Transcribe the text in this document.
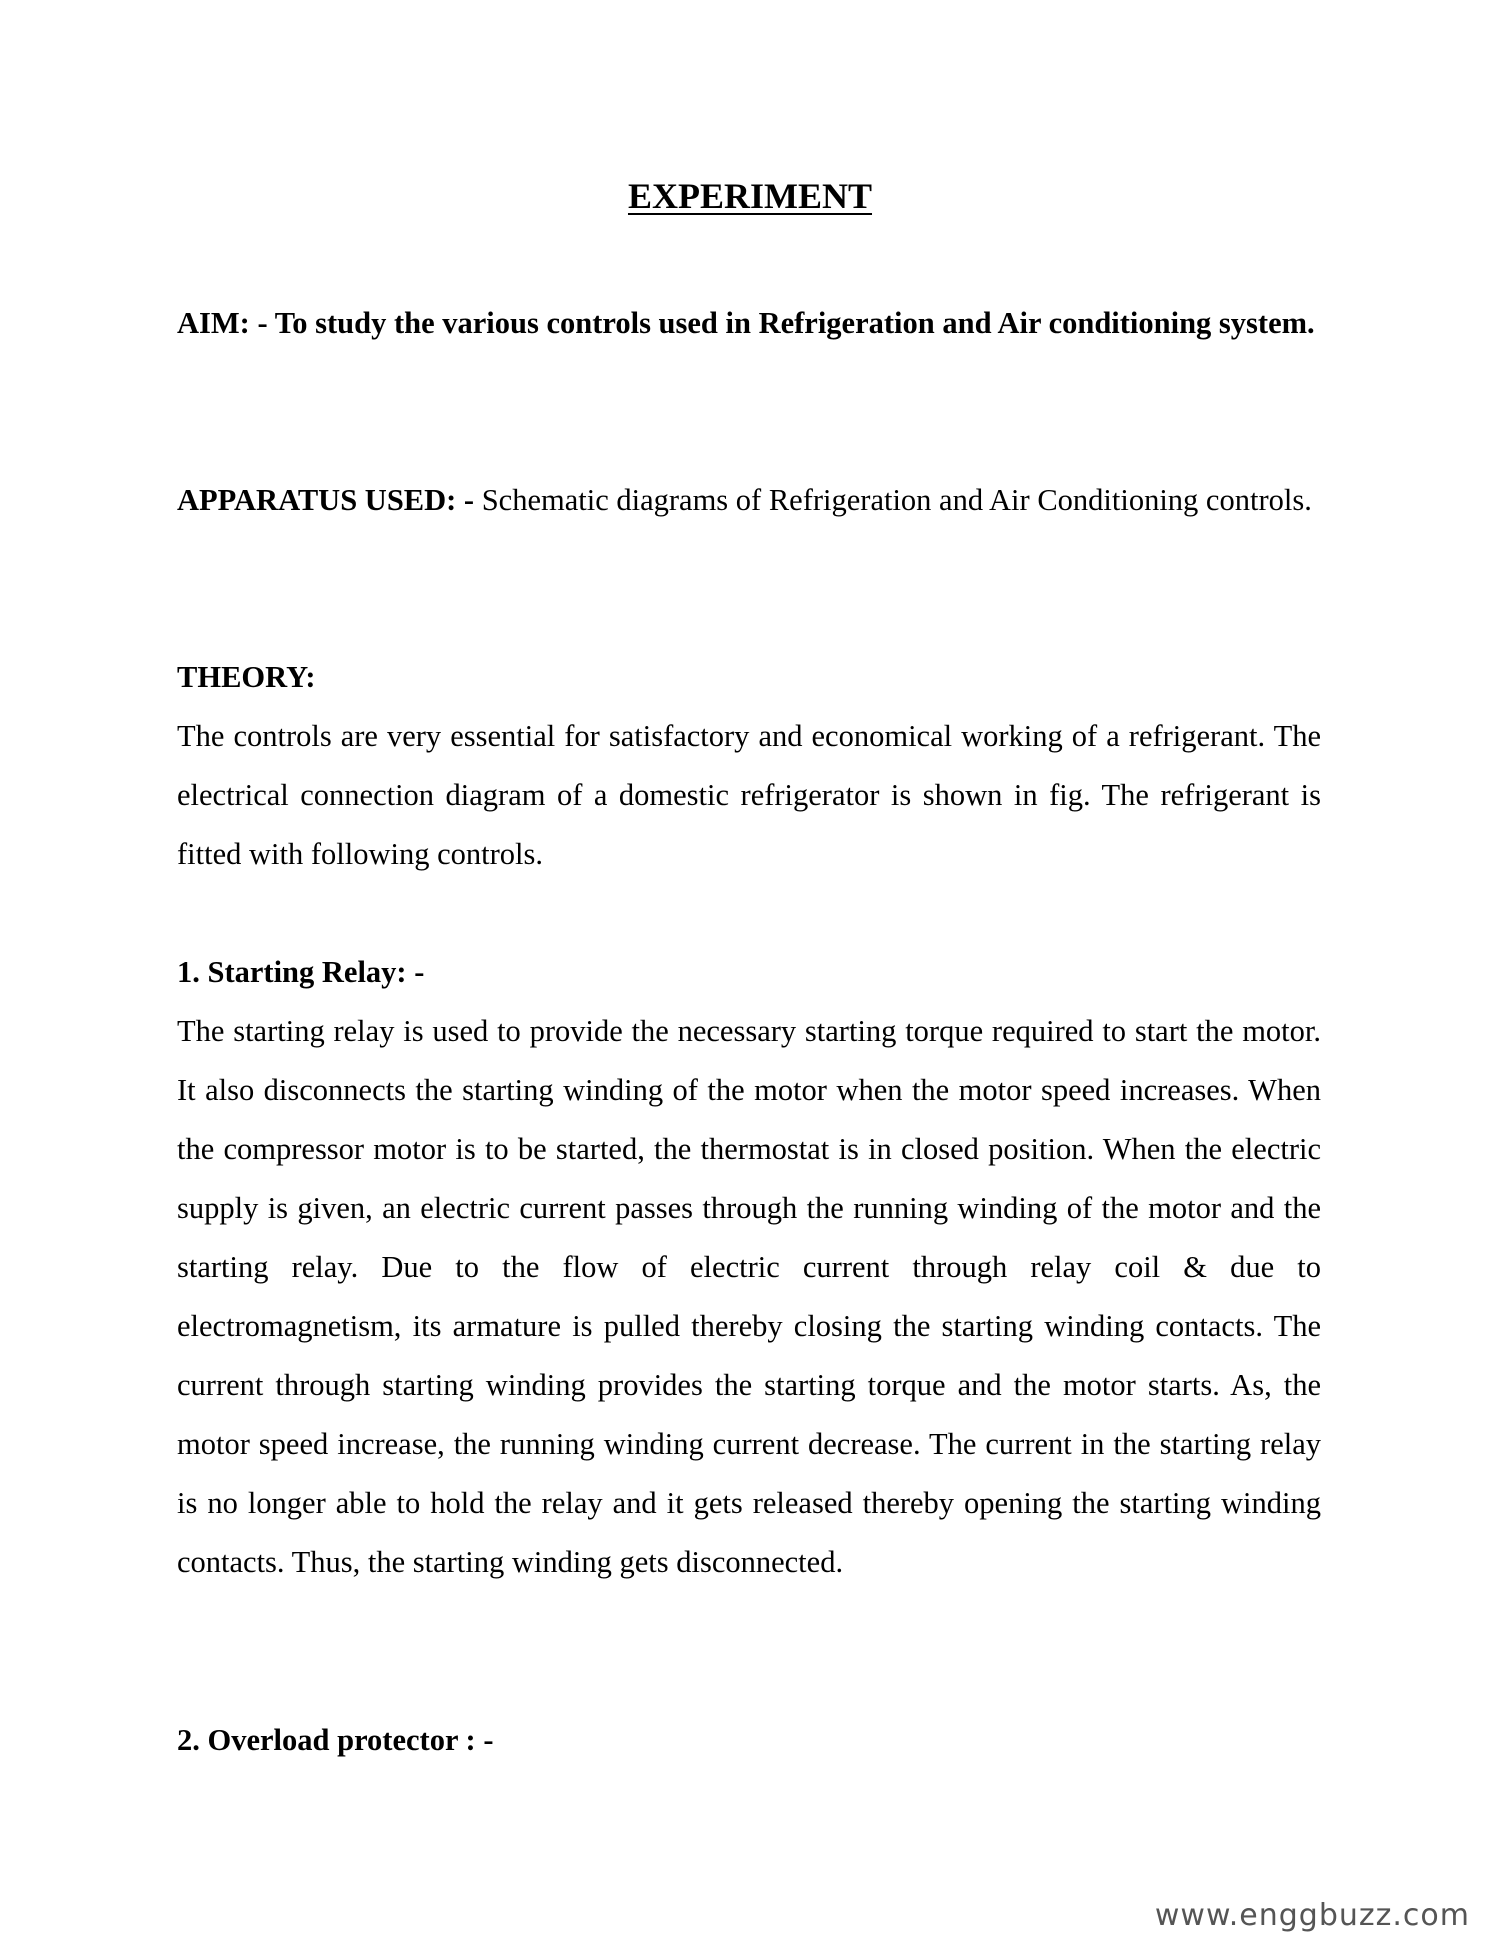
EXPERIMENT

AIM: - To study the various controls used in Refrigeration and Air conditioning system.

APPARATUS USED: - Schematic diagrams of Refrigeration and Air Conditioning controls.

THEORY:

The controls are very essential for satisfactory and economical working of a refrigerant. The electrical connection diagram of a domestic refrigerator is shown in fig. The refrigerant is fitted with following controls.

1. Starting Relay: -

The starting relay is used to provide the necessary starting torque required to start the motor. It also disconnects the starting winding of the motor when the motor speed increases. When the compressor motor is to be started, the thermostat is in closed position. When the electric supply is given, an electric current passes through the running winding of the motor and the starting relay. Due to the flow of electric current through relay coil & due to electromagnetism, its armature is pulled thereby closing the starting winding contacts. The current through starting winding provides the starting torque and the motor starts. As, the motor speed increase, the running winding current decrease. The current in the starting relay is no longer able to hold the relay and it gets released thereby opening the starting winding contacts. Thus, the starting winding gets disconnected.

2. Overload protector : -

www.enggbuzz.com
